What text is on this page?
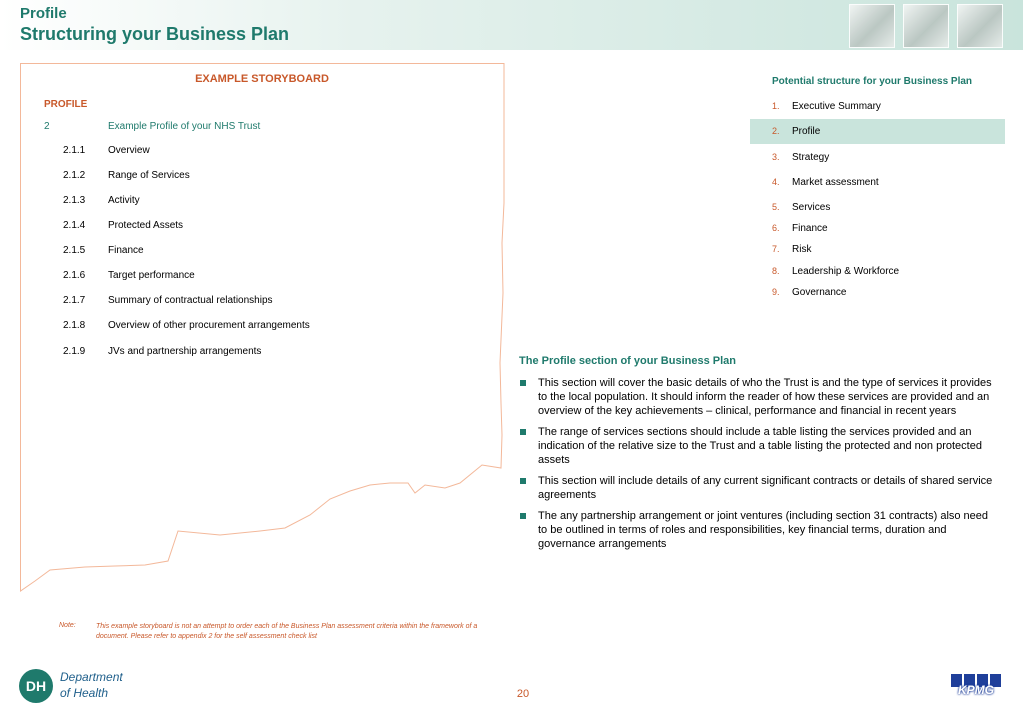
Profile
Structuring your Business Plan
EXAMPLE STORYBOARD
PROFILE
2	Example Profile of your NHS Trust
2.1.1 Overview
2.1.2 Range of Services
2.1.3 Activity
2.1.4 Protected Assets
2.1.5 Finance
2.1.6 Target performance
2.1.7 Summary of contractual relationships
2.1.8 Overview of other procurement arrangements
2.1.9 JVs and partnership arrangements
Note:	This example storyboard is not an attempt to order each of the Business Plan assessment criteria within the framework of a document. Please refer to appendix 2 for the self assessment check list
Potential structure for your Business Plan
1. Executive Summary
2. Profile
3. Strategy
4. Market assessment
5. Services
6. Finance
7. Risk
8. Leadership & Workforce
9. Governance
The Profile section of your Business Plan
This section will cover the basic details of who the Trust is and the type of services it provides to the local population. It should inform the reader of how these services are provided and an overview of the key achievements – clinical, performance and financial in recent years
The range of services sections should include a table listing the services provided and an indication of the relative size to the Trust and a table listing the protected and non protected assets
This section will include details of any current significant contracts or details of shared service agreements
The any partnership arrangement or joint ventures (including section 31 contracts) also need to be outlined in terms of roles and responsibilities, key financial terms, duration and governance arrangements
DH
Department
of Health	20	KPMG
